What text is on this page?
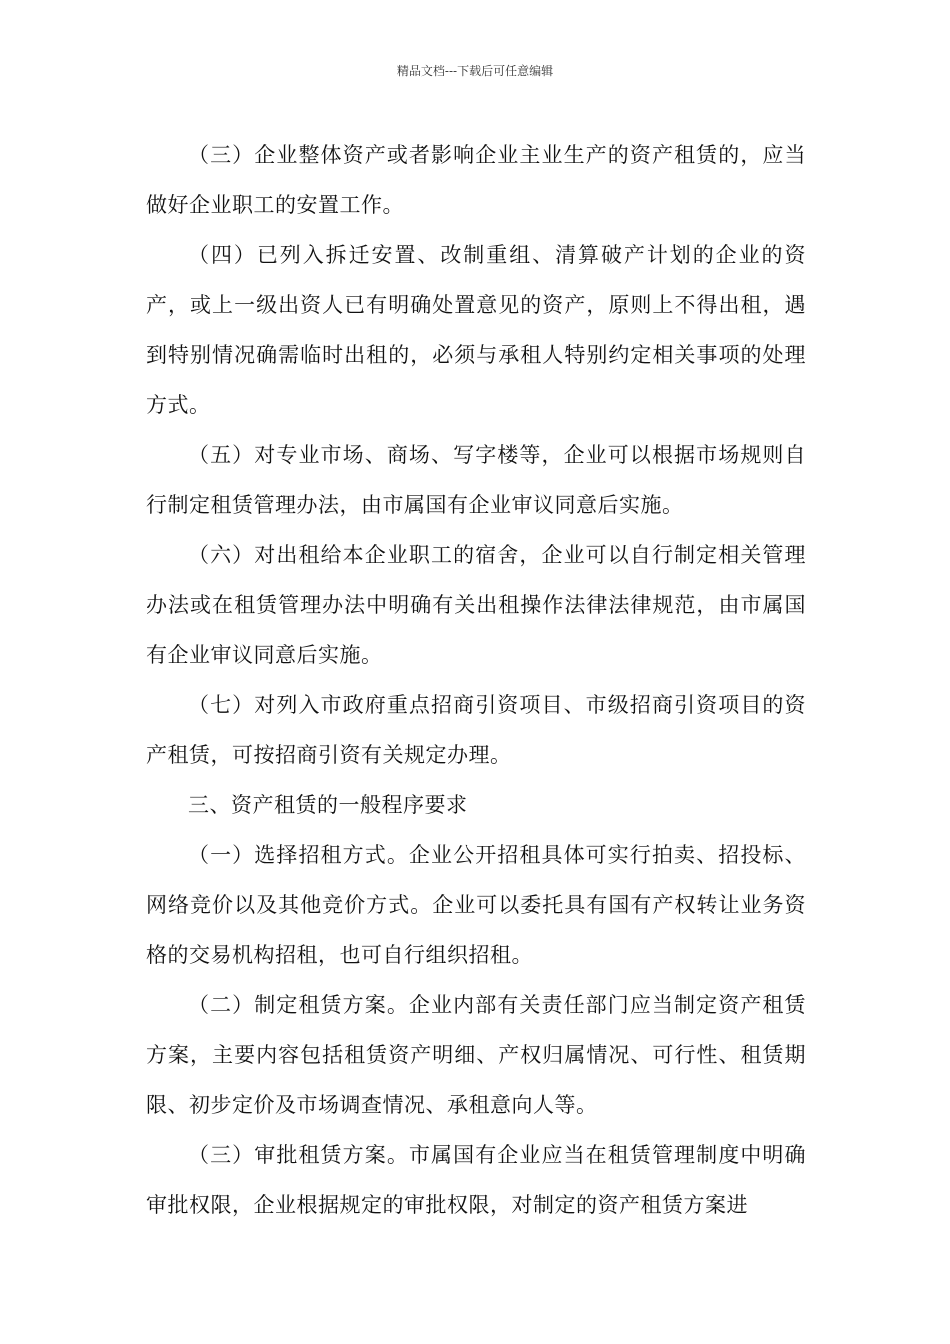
精品文档---下载后可任意编辑

（三）企业整体资产或者影响企业主业生产的资产租赁的，应当做好企业职工的安置工作。

（四）已列入拆迁安置、改制重组、清算破产计划的企业的资产，或上一级出资人已有明确处置意见的资产，原则上不得出租，遇到特别情况确需临时出租的，必须与承租人特别约定相关事项的处理方式。

（五）对专业市场、商场、写字楼等，企业可以根据市场规则自行制定租赁管理办法，由市属国有企业审议同意后实施。

（六）对出租给本企业职工的宿舍，企业可以自行制定相关管理办法或在租赁管理办法中明确有关出租操作法律法律规范，由市属国有企业审议同意后实施。

（七）对列入市政府重点招商引资项目、市级招商引资项目的资产租赁，可按招商引资有关规定办理。

三、资产租赁的一般程序要求

（一）选择招租方式。企业公开招租具体可实行拍卖、招投标、网络竞价以及其他竞价方式。企业可以委托具有国有产权转让业务资格的交易机构招租，也可自行组织招租。

（二）制定租赁方案。企业内部有关责任部门应当制定资产租赁方案，主要内容包括租赁资产明细、产权归属情况、可行性、租赁期限、初步定价及市场调查情况、承租意向人等。

（三）审批租赁方案。市属国有企业应当在租赁管理制度中明确审批权限，企业根据规定的审批权限，对制定的资产租赁方案进
